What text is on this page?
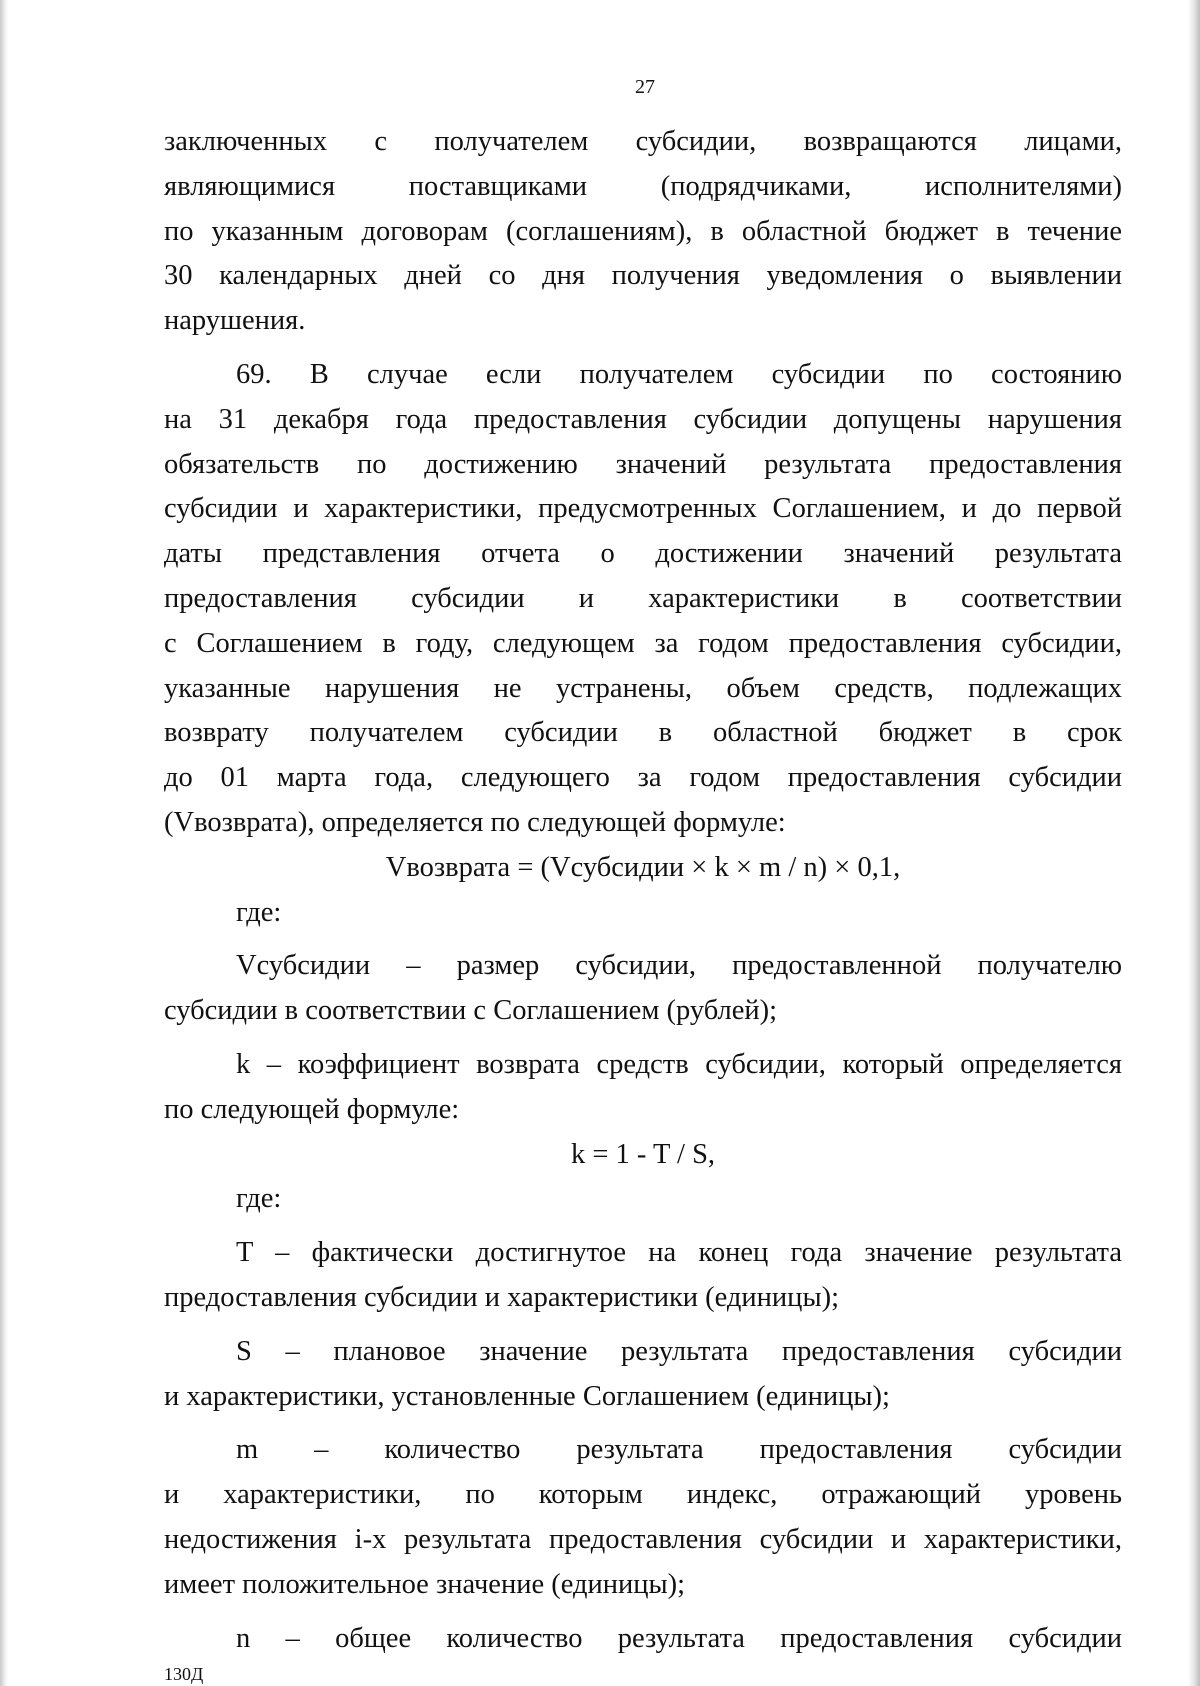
27
заключенных с получателем субсидии, возвращаются лицами,
являющимися поставщиками (подрядчиками, исполнителями)
по указанным договорам (соглашениям), в областной бюджет в течение
30 календарных дней со дня получения уведомления о выявлении
нарушения.
69. В случае если получателем субсидии по состоянию
на 31 декабря года предоставления субсидии допущены нарушения
обязательств по достижению значений результата предоставления
субсидии и характеристики, предусмотренных Соглашением, и до первой
даты представления отчета о достижении значений результата
предоставления субсидии и характеристики в соответствии
с Соглашением в году, следующем за годом предоставления субсидии,
указанные нарушения не устранены, объем средств, подлежащих
возврату получателем субсидии в областной бюджет в срок
до 01 марта года, следующего за годом предоставления субсидии
(Vвозврата), определяется по следующей формуле:
Vвозврата = (Vсубсидии × k × m / n) × 0,1,
где:
Vсубсидии – размер субсидии, предоставленной получателю
субсидии в соответствии с Соглашением (рублей);
k – коэффициент возврата средств субсидии, который определяется
по следующей формуле:
k = 1 - T / S,
где:
T – фактически достигнутое на конец года значение результата
предоставления субсидии и характеристики (единицы);
S – плановое значение результата предоставления субсидии
и характеристики, установленные Соглашением (единицы);
m – количество результата предоставления субсидии
и характеристики, по которым индекс, отражающий уровень
недостижения i-х результата предоставления субсидии и характеристики,
имеет положительное значение (единицы);
n – общее количество результата предоставления субсидии
130Д
